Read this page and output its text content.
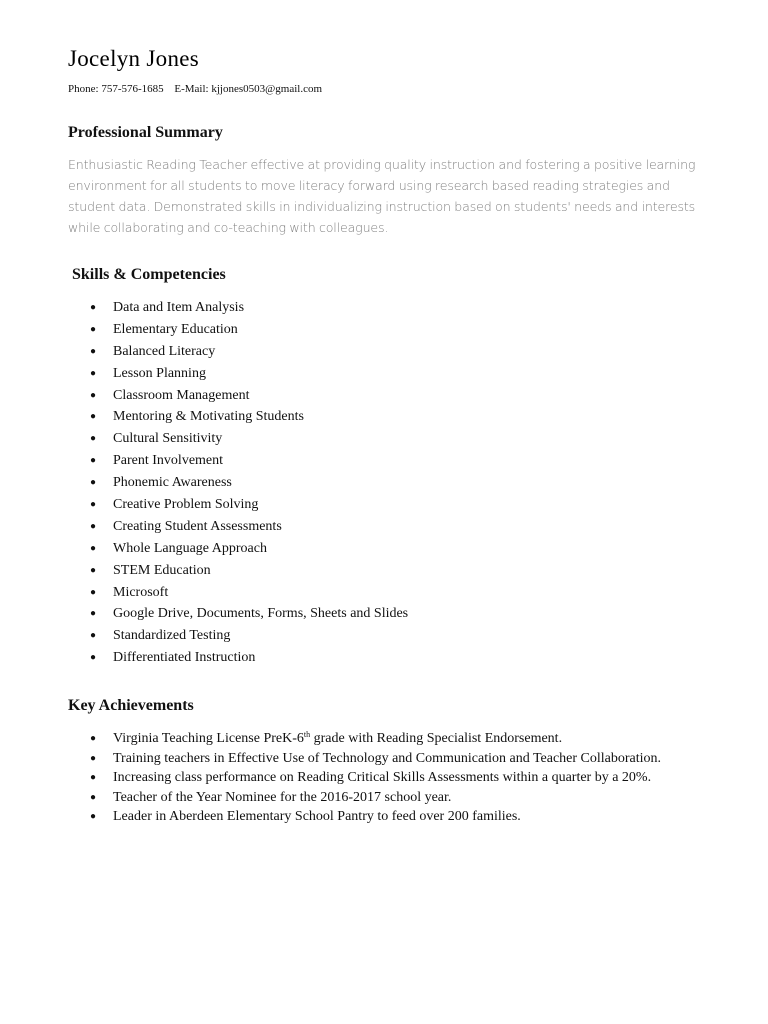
Jocelyn Jones
Phone: 757-576-1685 E-Mail: kjjones0503@gmail.com
Professional Summary

Enthusiastic Reading Teacher effective at providing quality instruction and fostering a positive learning environment for all students to move literacy forward using research based reading strategies and student data. Demonstrated skills in individualizing instruction based on students' needs and interests while collaborating and co-teaching with colleagues.

Skills & Competencies
● Data and Item Analysis
● Elementary Education
● Balanced Literacy
● Lesson Planning
● Classroom Management
● Mentoring & Motivating Students
● Cultural Sensitivity
● Parent Involvement
● Phonemic Awareness
● Creative Problem Solving
● Creating Student Assessments
● Whole Language Approach
● STEM Education
● Microsoft
● Google Drive, Documents, Forms, Sheets and Slides
● Standardized Testing
● Differentiated Instruction
Key Achievements
● Virginia Teaching License PreK-6th grade with Reading Specialist Endorsement.
● Training teachers in Effective Use of Technology and Communication and Teacher Collaboration.
● Increasing class performance on Reading Critical Skills Assessments within a quarter by a 20%.
● Teacher of the Year Nominee for the 2016-2017 school year.
● Leader in Aberdeen Elementary School Pantry to feed over 200 families.
